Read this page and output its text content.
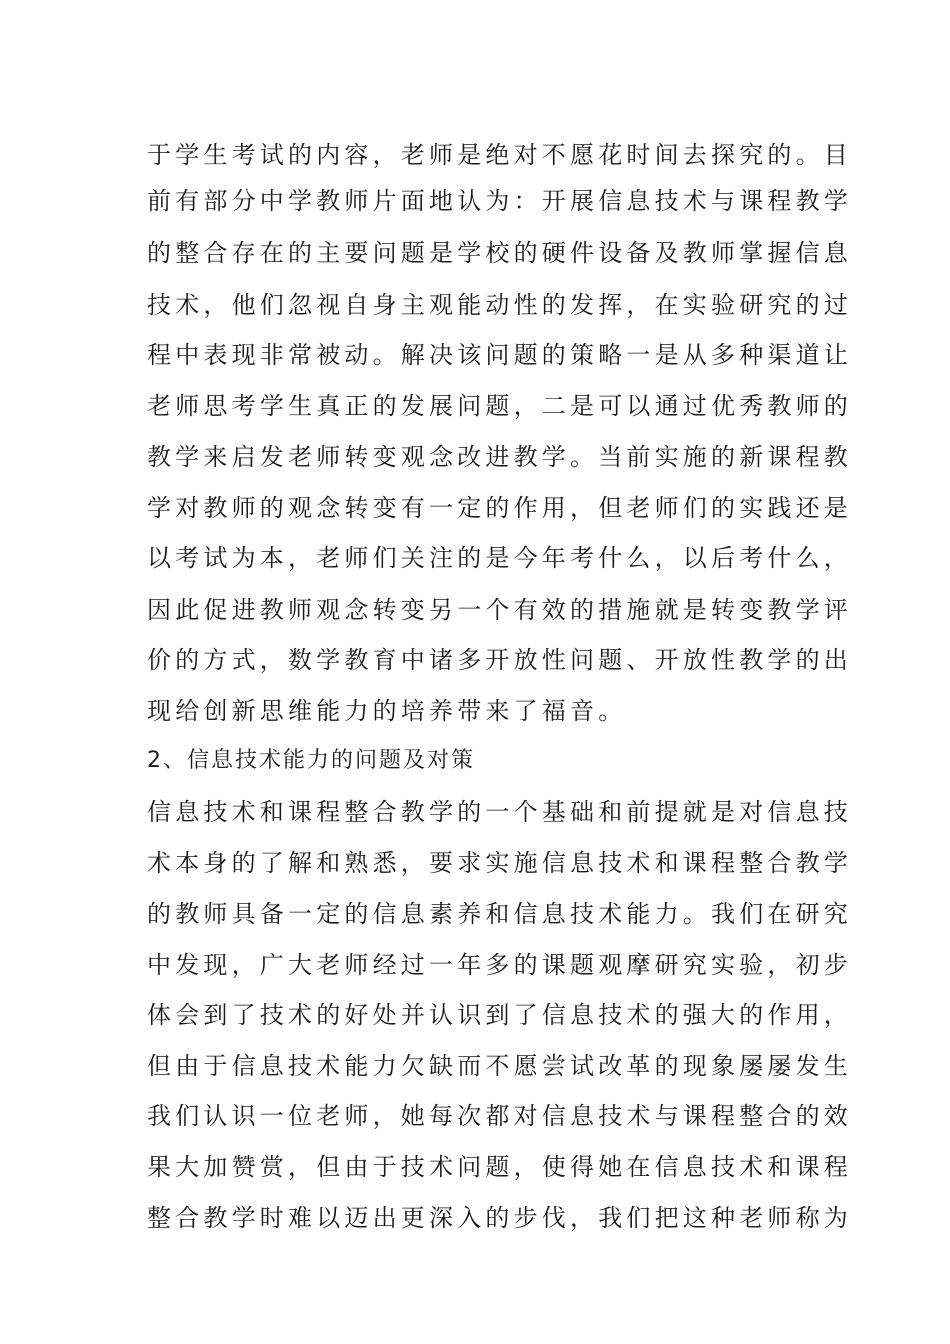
于学生考试的内容，老师是绝对不愿花时间去探究的。目
前有部分中学教师片面地认为：开展信息技术与课程教学
的整合存在的主要问题是学校的硬件设备及教师掌握信息
技术，他们忽视自身主观能动性的发挥，在实验研究的过
程中表现非常被动。解决该问题的策略一是从多种渠道让
老师思考学生真正的发展问题，二是可以通过优秀教师的
教学来启发老师转变观念改进教学。当前实施的新课程教
学对教师的观念转变有一定的作用，但老师们的实践还是
以考试为本，老师们关注的是今年考什么，以后考什么，
因此促进教师观念转变另一个有效的措施就是转变教学评
价的方式，数学教育中诸多开放性问题、开放性教学的出
现给创新思维能力的培养带来了福音。
2、信息技术能力的问题及对策
信息技术和课程整合教学的一个基础和前提就是对信息技
术本身的了解和熟悉，要求实施信息技术和课程整合教学
的教师具备一定的信息素养和信息技术能力。我们在研究
中发现，广大老师经过一年多的课题观摩研究实验，初步
体会到了技术的好处并认识到了信息技术的强大的作用，
但由于信息技术能力欠缺而不愿尝试改革的现象屡屡发生
我们认识一位老师，她每次都对信息技术与课程整合的效
果大加赞赏，但由于技术问题，使得她在信息技术和课程
整合教学时难以迈出更深入的步伐，我们把这种老师称为
